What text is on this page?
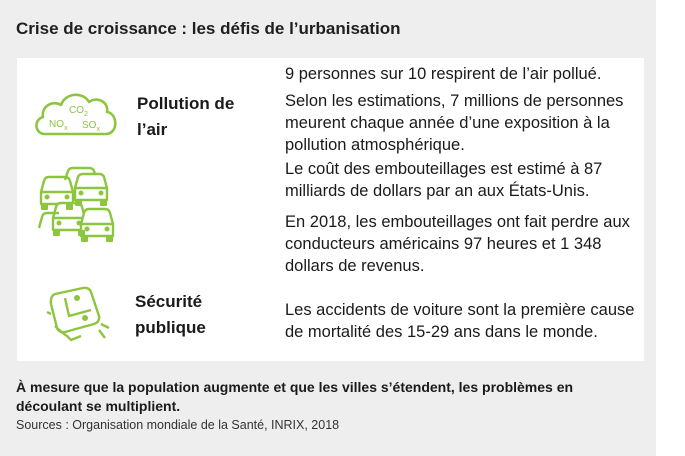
Crise de croissance : les défis de l’urbanisation
$CO_2$
$NO_x$ $SO_x$
Pollution de
l’air
9 personnes sur 10 respirent de l’air pollué.
Selon les estimations, 7 millions de personnes meurent chaque année d’une exposition à la pollution atmosphérique.
Le coût des embouteillages est estimé à 87 milliards de dollars par an aux États-Unis.
En 2018, les embouteillages ont fait perdre aux conducteurs américains 97 heures et 1 348 dollars de revenus.
Sécurité
publique
Les accidents de voiture sont la première cause de mortalité des 15-29 ans dans le monde.
À mesure que la population augmente et que les villes s’étendent, les problèmes en découlant se multiplient.
Sources : Organisation mondiale de la Santé, INRIX, 2018
